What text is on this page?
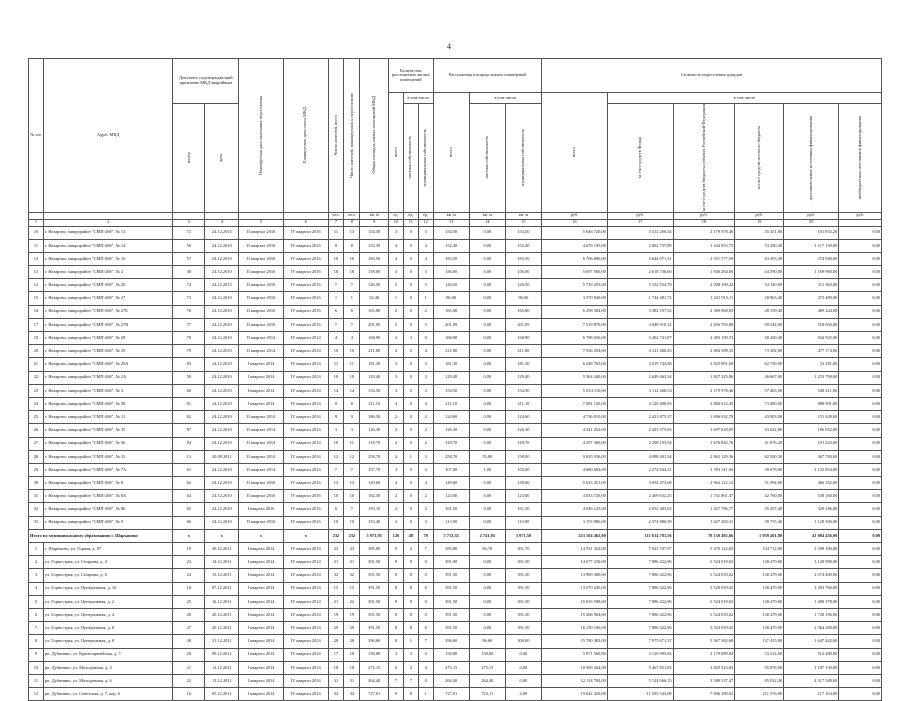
4
№ п/п	Адрес МКД	Документ, подтверждающий признание МКД аварийным		Планируемая дата окончания переселения	Планируемая дата сноса МКД	Число жителей, всего	Число жителей, планируемых к переселению	Общая площадь жилых помещений МКД	Количество расселяемых жилых помещений			Расселяемая площадь жилых помещений			Стоимость переселения граждан					

									всего	в том числе		всего	в том числе		всего	в том числе				

		номер	дата							частная собственность	муниципальная собственность		частная собственность	муниципальная собственность		за счет средств Фонда	за счет средств бюджета субъекта Российской Федерации	за счет средств местного бюджета	дополнительные источники финансирования	внебюджетных источников финансирования

						чел.	чел.	кв. м	ед.	ед.	ед.	кв. м	кв. м	кв. м	руб.	руб.	руб.	руб.	руб.	руб.
1	2	3	4	5	6	7	8	9	10	11	12	13	14	15	16	17	18	19	20	
10	г. Назарово, микрорайон "СМП-268", № 13	72	24.12.2013	II квартал 2016	IV квартал 2016	11	13	154,50	3	0	3	154,50	0,00	154,50	5 646 720,00	3 312 266,54	2 179 978,46	35 451,80	101 833,20	0,00
11	г. Назарово, микрорайон "СМП-268", № 14	56	24.12.2010	II квартал 2016	IV квартал 2016	8	8	152,39	4	0	4	152,40	0,00	152,40	4 676 195,00	2 062 757,89	1 444 853,75	53 430,40	1 117 150,00	0,00
12	г. Назарово, микрорайон "СМП-268", № 16	57	24.12.2010	II квартал 2016	IV квартал 2016	16	16	183,50	4	0	4	183,50	0,00	183,50	6 706 800,00	3 644 071,31	2 551 577,59	63 493,30	374 940,00	0,00
13	г. Назарово, микрорайон "СМП-268", № 2	38	24.12.2010	II квартал 2016	IV квартал 2016	18	18	158,00	3	0	3	156,00	0,00	156,00	5 697 560,00	2 618 736,60	1 836 264,00	44 590,00	1 169 960,00	0,00
14	г. Назарово, микрорайон "СМП-268", № 20	74	24.12.2013	II квартал 2016	IV квартал 2016	7	7	126,50	3	0	3	126,50	0,00	126,50	5 716 255,00	3 152 554,78	2 208 190,22	54 140,00	311 360,00	0,00
15	г. Назарово, микрорайон "СМП-268", № 27	73	24.12.2010	II квартал 2016	IV квартал 2016	1	1	52,40	1	0	1	86,60	0,00	86,60	3 370 840,00	1 744 481,72	1 221 915,11	28 963,40	375 480,00	0,00
16	г. Назарово, микрорайон "СМП-268", № 27Б	76	24.12.2010	II квартал 2016	IV квартал 2016	6	6	165,80	2	0	2	165,80	0,00	165,80	6 298 384,00	3 382 197,52	2 369 068,83	28 159,40	489 244,00	0,00
17	г. Назарово, микрорайон "СМП-268", № 27В	77	24.12.2010	II квартал 2016	IV квартал 2016	7	7	201,09	3	0	3	201,09	0,00	201,09	7 519 870,00	4 048 910,12	2 836 783,88	69 544,00	518 050,00	0,00
18	г. Назарово, микрорайон "СМП-268", № 28	78	24.12.2010	II квартал 2014	IV квартал 2014	4	4	168,90	3	3	0	168,90	0,00	168,90	6 788 656,00	3 402 741,87	2 383 159,73	58 430,40	944 925,00	0,00
20	г. Назарово, микрорайон "СМП-268", № 29	79	24.12.2010	II квартал 2014	IV квартал 2014	10	10	211,80	4	0	4	211,80	0,00	211,80	7 536 294,00	4 121 486,43	2 884 398,35	73 382,80	477 174,00	0,00
21	г. Назарово, микрорайон "СМП-268", № 29А	83	24.12.2010	I квартал 2014	IV квартал 2014	11	11	181,30	3	0	3	181,30	0,00	181,30	6 248 765,00	3 019 744,68	2 825 901,50	62 739,00	52 281,00	0,00
22	г. Назарово, микрорайон "СМП-268", № 2А	59	24.12.2010	I квартал 2014	IV квартал 2014	10	10	129,40	3	0	3	129,40	0,00	129,40	5 364 440,00	2 649 463,34	1 827 225,86	46 667,00	1 253 790,00	0,00
23	г. Назарово, микрорайон "СМП-268", № 3	60	24.12.2010	I квартал 2014	IV квартал 2014	14	14	154,50	3	0	3	154,50	0,00	154,50	5 814 110,00	3 112 266,54	2 179 978,46	57 465,00	548 411,00	0,00
24	г. Назарово, микрорайон "СМП-268", № 30	81	24.12.2010	I квартал 2014	IV квартал 2014	8	8	211,10	4	0	4	211,10	0,00	211,10	7 081 120,00	4 120 486,93	2 884 612,45	73 080,00	988 901,00	0,00
25	г. Назарово, микрорайон "СМП-268", № 31	82	24.12.2010	II квартал 2014	IV квартал 2014	9	9	186,50	2	0	2	124,60	0,00	124,60	4 736 810,00	2 421 875,37	1 696 932,79	43 903,00	151 449,00	0,00
26	г. Назарово, микрорайон "СМП-268", № 35	87	24.12.2010	II квартал 2014	IV квартал 2014	3	3	126,30	2	0	2	126,30	0,00	126,30	4 341 452,00	2 423 375,04	1 697 618,05	43 622,80	186 052,00	0,00
27	г. Назарово, микрорайон "СМП-268", № 36	84	24.12.2010	II квартал 2014	IV квартал 2014	10	11	118,70	2	0	2	118,70	0,00	118,70	4 297 360,00	2 298 105,04	1 676 842,76	41 076,20	191 243,00	0,00
28	г. Назарово, микрорайон "СМП-268", № 33	13	30.08.2011	II квартал 2014	IV квартал 2014	12	12	258,70	4	1	3	258,70	55,80	158,90	9 825 936,00	4 088 401,34	2 863 129,36	82 500,30	367 780,00	0,00
29	г. Назарово, микрорайон "СМП-268", № 7А	61	24.12.2010	II квартал 2014	IV квартал 2014	7	7	157,70	3	0	3	107,00	1,00	105,00	4 680 684,00	2 274 844,31	1 593 311,04	39 678,00	1 125 854,00	0,00
30	г. Назарово, микрорайон "СМП-268", № 8	62	24.12.2010	II квартал 2016	IV квартал 2016	13	13	149,60	4	0	4	149,60	0,00	149,60	5 623 451,00	3 054 473,68	2 962 122,12	51 594,00	466 162,00	0,00
31	г. Назарово, микрорайон "СМП-268", № 8А	64	24.12.2010	II квартал 2016	IV квартал 2016	10	10	182,50	2	0	2	123,00	0,00	123,00	4 833 720,00	2 469 632,25	1 741 861,47	42 760,00	538 160,00	0,00
32	г. Назарово, микрорайон "СМП-268", № 8Б	65	24.12.2010	I квартал 2016	IV квартал 2016	6	7	193,10	2	0	2	161,50	0,00	161,50	4 046 125,00	2 052 483,63	1 437 796,77	35 297,40	320 186,00	0,00
33	г. Назарово, микрорайон "СМП-268", № 9	66	24.12.2010	II квартал 2016	IV квартал 2016	10	10	153,40	3	0	3	113,90	0,00	113,90	3 153 886,00	2 374 886,59	1 627 203,31	39 755,40	1 128 306,00	0,00
Итого по муниципальному образованию г. Шарыпово:		х	х	х	х	232	232	5 973,95	126	48	78	5 713,35	2 741,85	3 971,50	233 104 462,00	111 614 781,56	78 130 492,66	1 939 401,80	41 004 436,00	0,00
1	г. Шарыпово, ул. Горная, д. 07	19	30.12.2011	I квартал 2014	IV квартал 2014	23	23	385,80	9	2	7	385,80	84,70	301,70	14 931 322,00	7 923 707,97	5 470 122,65	134 712,00	1 398 180,00	0,00
2	ул. Горнострая, ул. Гагарина, д. 4	23	14.12.2011	I квартал 2014	IV квартал 2014	31	31	391,50	8	8	0	391,00	0,00	391,50	14 677 230,00	7 886 422,96	5 524 018,02	138 479,00	3 128 990,00	0,00
3	ул. Горнострая, ул. Гагарина, д. 6	24	15.12.2011	I квартал 2014	IV квартал 2014	32	32	391,50	8	8	0	391,50	0,00	391,50	13 989 380,00	7 886 422,96	5 524 018,02	138 479,00	2 074 480,00	0,00
4	ул. Горнострая, ул. Центральная, д. 10	18	07.12.2011	I квартал 2014	IV квартал 2014	15	15	391,50	8	8	0	391,50	0,00	391,50	13 570 240,00	7 886 422,96	5 528 018,02	138 479,00	1 493 760,00	0,00
5	ул. Горнострая, ул. Центральная, д. 2	25	16.12.2011	I квартал 2014	IV квартал 2014	21	22	391,50	8	8	0	391,50	0,00	391,50	15 016 598,00	7 886 422,96	5 524 018,02	138 479,00	1 488 378,00	0,00
6	ул. Горнострая, ул. Центральная, д. 4	26	20.12.2011	I квартал 2014	IV квартал 2014	19	19	391,50	8	8	0	391,50	0,00	391,50	15 266 904,00	7 886 422,96	5 524 018,02	138 479,00	1 728 196,00	0,00
7	ул. Горнострая, ул. Центральная, д. 6	27	20.12.2011	I квартал 2014	IV квартал 2014	29	29	391,50	8	8	0	391,50	0,00	391,50	16 150 106,00	7 886 422,96	5 524 018,02	138 479,00	2 364 280,00	0,00
8	ул. Горнострая, ул. Центральная, д. 8	28	21.12.2011	I квартал 2014	IV квартал 2014	28	28	396,60	8	1	7	396,60	96,60	300,00	15 780 483,00	7 975 671,37	5 567 302,68	137 415,00	1 647 442,00	0,00
9	рп. Дубинино, ул. Красноармейская, д. 7	20	09.12.2011	I квартал 2014	IV квартал 2014	17	18	158,80	3	3	0	158,80	158,80	0,00	5 871 560,00	3 120 995,84	2 179 089,84	53 214,60	512 280,00	0,00
10	рп. Дубинино, ул. Молодёжная, д. 4	21	12.12.2011	I квартал 2014	IV квартал 2014	18	18	275,15	6	2	4	275,15	275,15	0,00	10 569 444,00	5 467 651,83	3 829 523,84	95 078,00	1 187 130,00	0,00
11	рп. Дубинино, ул. Молодёжная, д. 6	22	13.12.2011	I квартал 2014	IV квартал 2014	31	31	264,40	7	7	0	264,40	264,40	0,00	12 114 784,00	5 124 666,13	3 580 537,47	85 032,40	4 317 548,00	0,00
12	рп. Дубинино, ул. Советская, д. 7, кор. 6	16	05.12.2011	I квартал 2014	IV квартал 2014	34	34	727,01	9	8	1	727,01	723,11	4,00	19 642 420,00	11 593 543,08	7 906 189,82	211 576,00	117 164,00	0,00
